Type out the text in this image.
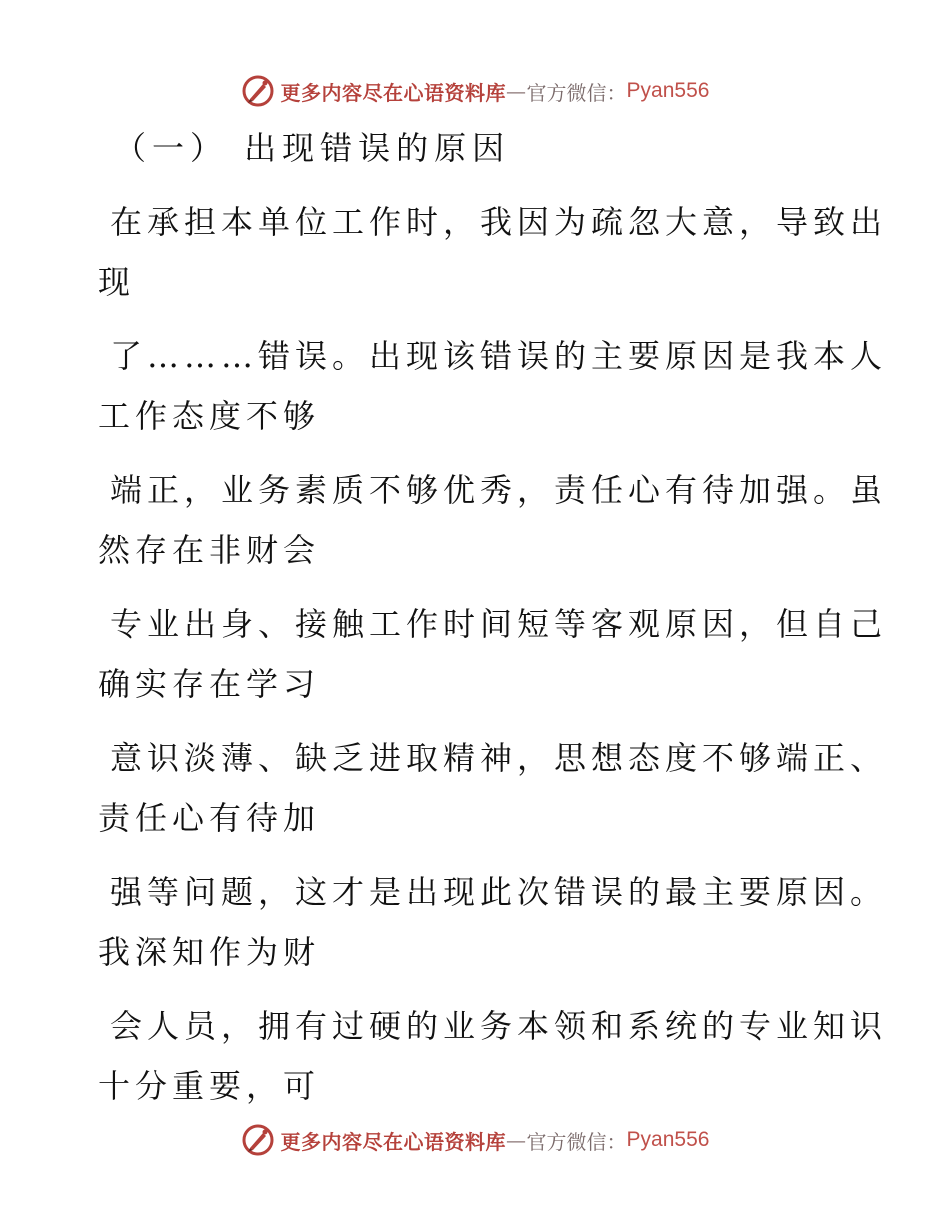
更多内容尽在心语资料库 — 官方微信： Pyan556
（一） 出现错误的原因
在承担本单位工作时，我因为疏忽大意，导致出
现
了………错误。出现该错误的主要原因是我本人
工作态度不够
端正，业务素质不够优秀，责任心有待加强。虽
然存在非财会
专业出身、接触工作时间短等客观原因，但自己
确实存在学习
意识淡薄、缺乏进取精神，思想态度不够端正、
责任心有待加
强等问题，这才是出现此次错误的最主要原因。
我深知作为财
会人员，拥有过硬的业务本领和系统的专业知识
十分重要，可
更多内容尽在心语资料库 — 官方微信： Pyan556
